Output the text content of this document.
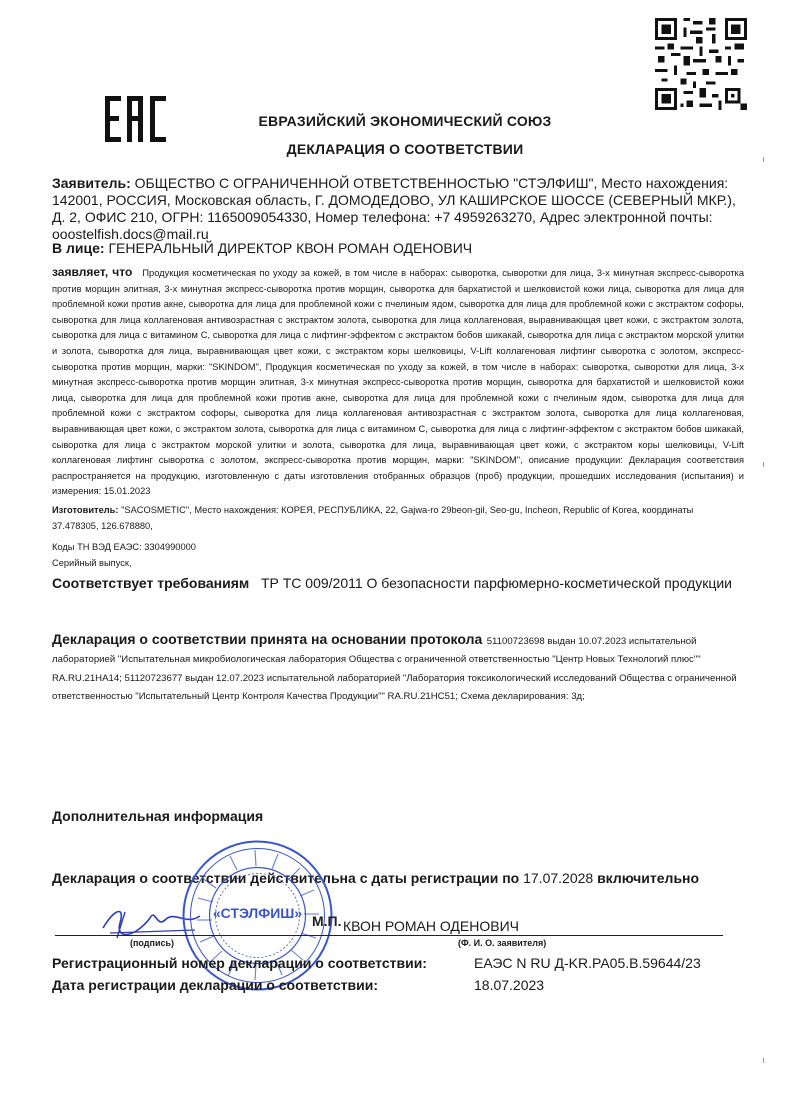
ЕВРАЗИЙСКИЙ ЭКОНОМИЧЕСКИЙ СОЮЗ
ДЕКЛАРАЦИЯ О СООТВЕТСТВИИ
Заявитель: ОБЩЕСТВО С ОГРАНИЧЕННОЙ ОТВЕТСТВЕННОСТЬЮ "СТЭЛФИШ", Место нахождения: 142001, РОССИЯ, Московская область, Г. ДОМОДЕДОВО, УЛ КАШИРСКОЕ ШОССЕ (СЕВЕРНЫЙ МКР.), Д. 2, ОФИС 210, ОГРН: 1165009054330, Номер телефона: +7 4959263270, Адрес электронной почты: ooostelfish.docs@mail.ru
В лице: ГЕНЕРАЛЬНЫЙ ДИРЕКТОР КВОН РОМАН ОДЕНОВИЧ
заявляет, что Продукция косметическая по уходу за кожей, в том числе в наборах: сыворотка, сыворотки для лица, 3-х минутная экспресс-сыворотка против морщин элитная, 3-х минутная экспресс-сыворотка против морщин, сыворотка для бархатистой и шелковистой кожи лица, сыворотка для лица для проблемной кожи против акне, сыворотка для лица для проблемной кожи с пчелиным ядом, сыворотка для лица для проблемной кожи с экстрактом софоры, сыворотка для лица коллагеновая антивозрастная с экстрактом золота, сыворотка для лица коллагеновая, выравнивающая цвет кожи, с экстрактом золота, сыворотка для лица с витамином С, сыворотка для лица с лифтинг-эффектом с экстрактом бобов шикакай, сыворотка для лица с экстрактом морской улитки и золота, сыворотка для лица, выравнивающая цвет кожи, с экстрактом коры шелковицы, V-Lift коллагеновая лифтинг сыворотка с золотом, экспресс-сыворотка против морщин, марки: "SKINDOM", Продукция косметическая по уходу за кожей, в том числе в наборах: сыворотка, сыворотки для лица, 3-х минутная экспресс-сыворотка против морщин элитная, 3-х минутная экспресс-сыворотка против морщин, сыворотка для бархатистой и шелковистой кожи лица, сыворотка для лица для проблемной кожи против акне, сыворотка для лица для проблемной кожи с пчелиным ядом, сыворотка для лица для проблемной кожи с экстрактом софоры, сыворотка для лица коллагеновая антивозрастная с экстрактом золота, сыворотка для лица коллагеновая, выравнивающая цвет кожи, с экстрактом золота, сыворотка для лица с витамином С, сыворотка для лица с лифтинг-эффектом с экстрактом бобов шикакай, сыворотка для лица с экстрактом морской улитки и золота, сыворотка для лица, выравнивающая цвет кожи, с экстрактом коры шелковицы, V-Lift коллагеновая лифтинг сыворотка с золотом, экспресс-сыворотка против морщин, марки: "SKINDOM", описание продукции: Декларация соответствия распространяется на продукцию, изготовленную с даты изготовления отобранных образцов (проб) продукции, прошедших исследования (испытания) и измерения: 15.01.2023
Изготовитель: "SACOSMETIC", Место нахождения: КОРЕЯ, РЕСПУБЛИКА, 22, Gajwa-ro 29beon-gil, Seo-gu, Incheon, Republic of Korea, координаты 37.478305, 126.678880,
Коды ТН ВЭД ЕАЭС: 3304990000
Серийный выпуск,
Соответствует требованиям ТР ТС 009/2011 О безопасности парфюмерно-косметической продукции
Декларация о соответствии принята на основании протокола 51100723698 выдан 10.07.2023 испытательной лабораторией "Испытательная микробиологическая лаборатория Общества с ограниченной ответственностью "Центр Новых Технологий плюс"" RA.RU.21HA14; 51120723677 выдан 12.07.2023 испытательной лабораторией "Лаборатория токсикологический исследований Общества с ограниченной ответственностью "Испытательный Центр Контроля Качества Продукции"" RA.RU.21HC51; Схема декларирования: 3д;
Дополнительная информация
Декларация о соответствии действительна с даты регистрации по 17.07.2028 включительно
«СТЭЛФИШ» М.П. КВОН РОМАН ОДЕНОВИЧ
(подпись)	(Ф. И. О. заявителя)
Регистрационный номер декларации о соответствии:	ЕАЭС N RU Д-KR.PA05.B.59644/23
Дата регистрации декларации о соответствии:	18.07.2023
